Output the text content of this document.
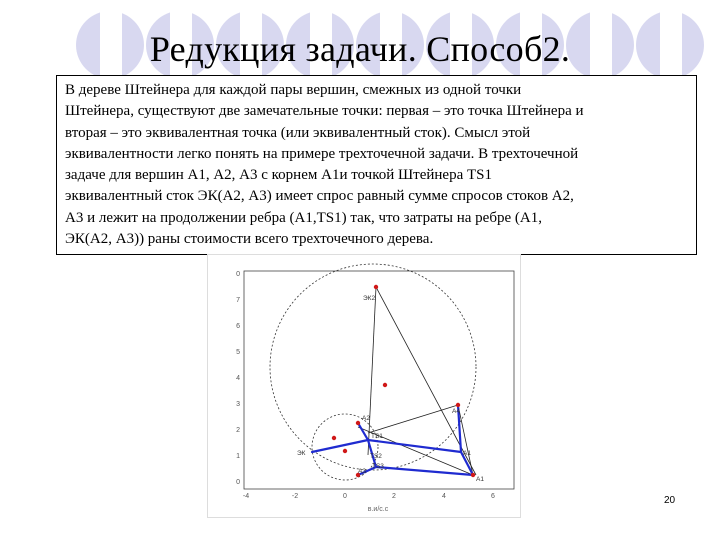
Редукция задачи. Способ2.
В дереве Штейнера для каждой пары вершин, смежных из одной точки
Штейнера, существуют две замечательные точки: первая – это точка Штейнера и
вторая – это эквивалентная точка (или эквивалентный сток). Смысл этой
эквивалентности легко понять на примере трехточечной задачи. В трехточечной
задаче для вершин А1, А2, А3 с корнем А1и точкой Штейнера TS1
эквивалентный сток ЭК(А2, А3) имеет спрос равный сумме спросов стоков А2,
А3 и лежит на продолжении ребра (А1,TS1) так, что затраты на ребре (А1,
ЭК(А2, А3)) раны стоимости всего трехточечного дерева.
0
7
6
5
4
3
2
1
0
-4	-2	0	2	4	6
в.и/с.с
ЭК2
А2
А4
TS1
ЭК	А1
А1
А3
TS2
TS3
20
